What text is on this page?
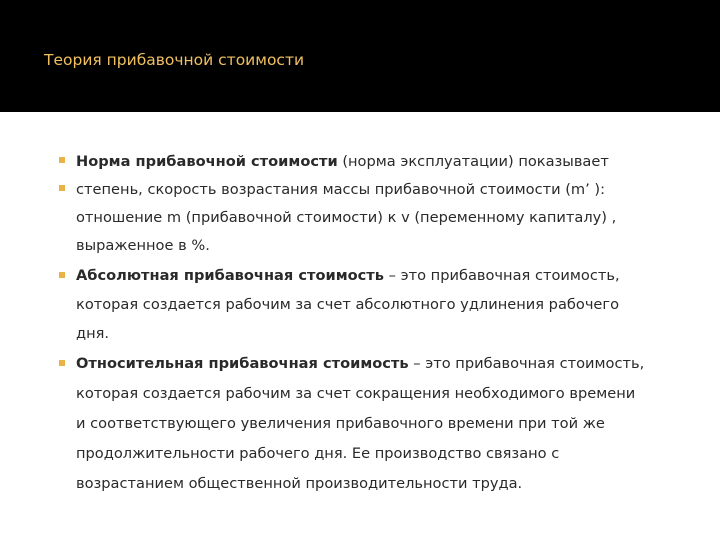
Теория прибавочной стоимости
Норма прибавочной стоимости (норма эксплуатации) показывает
степень, скорость возрастания массы прибавочной стоимости (m’ ):
отношение m (прибавочной стоимости) к v (переменному капиталу) ,
выраженное в %.
Абсолютная прибавочная стоимость – это прибавочная стоимость,
которая создается рабочим за счет абсолютного удлинения рабочего
дня.
Относительная прибавочная стоимость – это прибавочная стоимость,
которая создается рабочим за счет сокращения необходимого времени
и соответствующего увеличения прибавочного времени при той же
продолжительности рабочего дня. Ее производство связано с
возрастанием общественной производительности труда.
